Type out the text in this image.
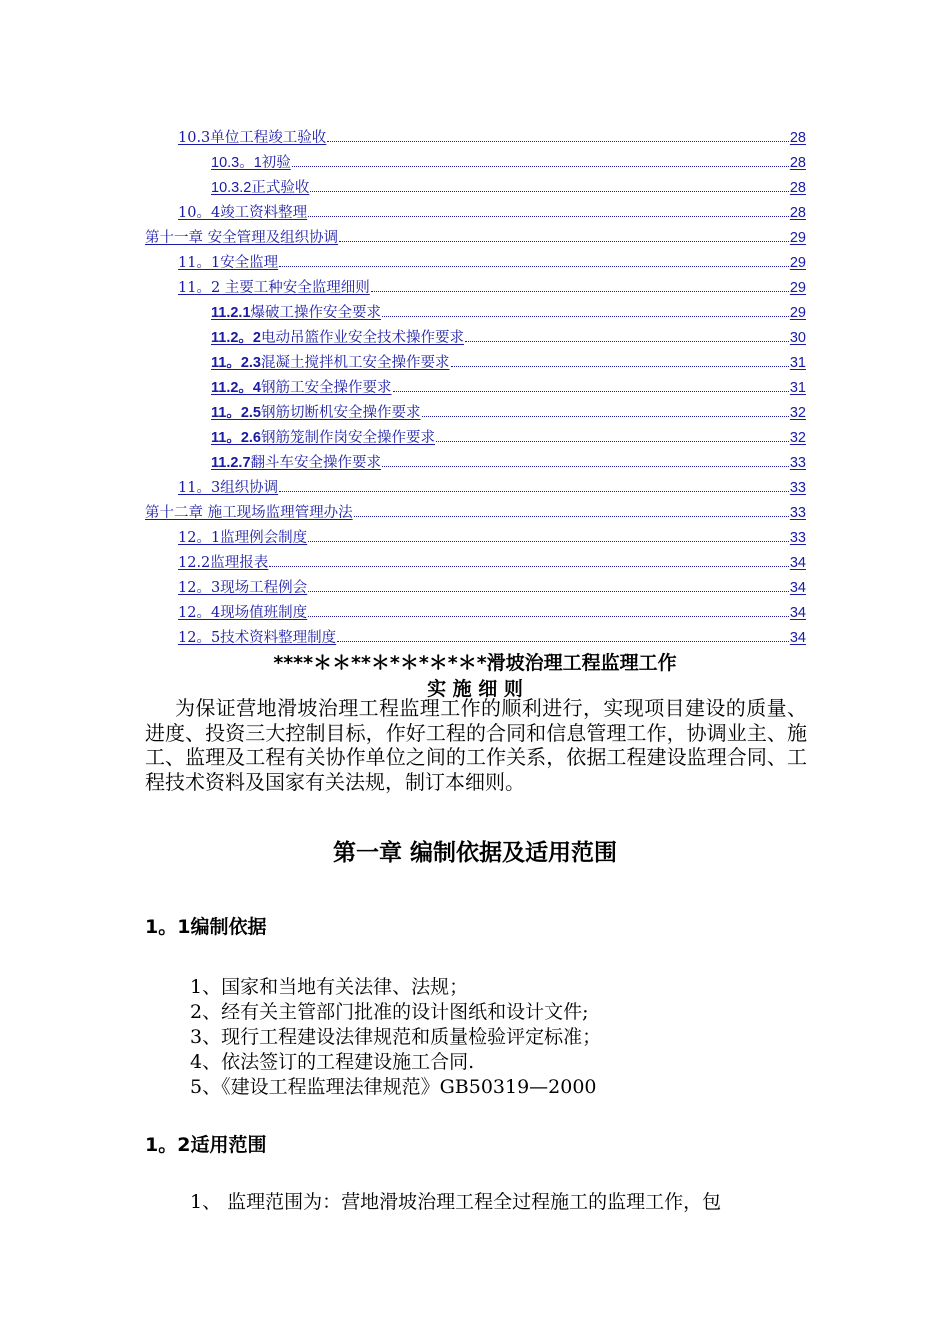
10.3单位工程竣工验收	28
10.3。1初验	28
10.3.2正式验收	28
10。4竣工资料整理	28
第十一章 安全管理及组织协调	29
11。1安全监理	29
11。2 主要工种安全监理细则	29
11.2.1爆破工操作安全要求	29
11.2。2电动吊篮作业安全技术操作要求	30
11。2.3混凝土搅拌机工安全操作要求	31
11.2。4钢筋工安全操作要求	31
11。2.5钢筋切断机安全操作要求	32
11。2.6钢筋笼制作岗安全操作要求	32
11.2.7翻斗车安全操作要求	33
11。3组织协调	33
第十二章 施工现场监理管理办法	33
12。1监理例会制度	33
12.2监理报表	34
12。3现场工程例会	34
12。4现场值班制度	34
12。5技术资料整理制度	34
****＊＊**＊*＊*＊*＊*滑坡治理工程监理工作
实 施 细 则
为保证营地滑坡治理工程监理工作的顺利进行，实现项目建设的质量、进度、投资三大控制目标，作好工程的合同和信息管理工作，协调业主、施工、监理及工程有关协作单位之间的工作关系，依据工程建设监理合同、工程技术资料及国家有关法规，制订本细则。
第一章 编制依据及适用范围
1。1编制依据
1、国家和当地有关法律、法规；
2、经有关主管部门批准的设计图纸和设计文件;
3、现行工程建设法律规范和质量检验评定标准；
4、依法签订的工程建设施工合同.
5、《建设工程监理法律规范》GB50319—2000
1。2适用范围
1、 监理范围为：营地滑坡治理工程全过程施工的监理工作，包
